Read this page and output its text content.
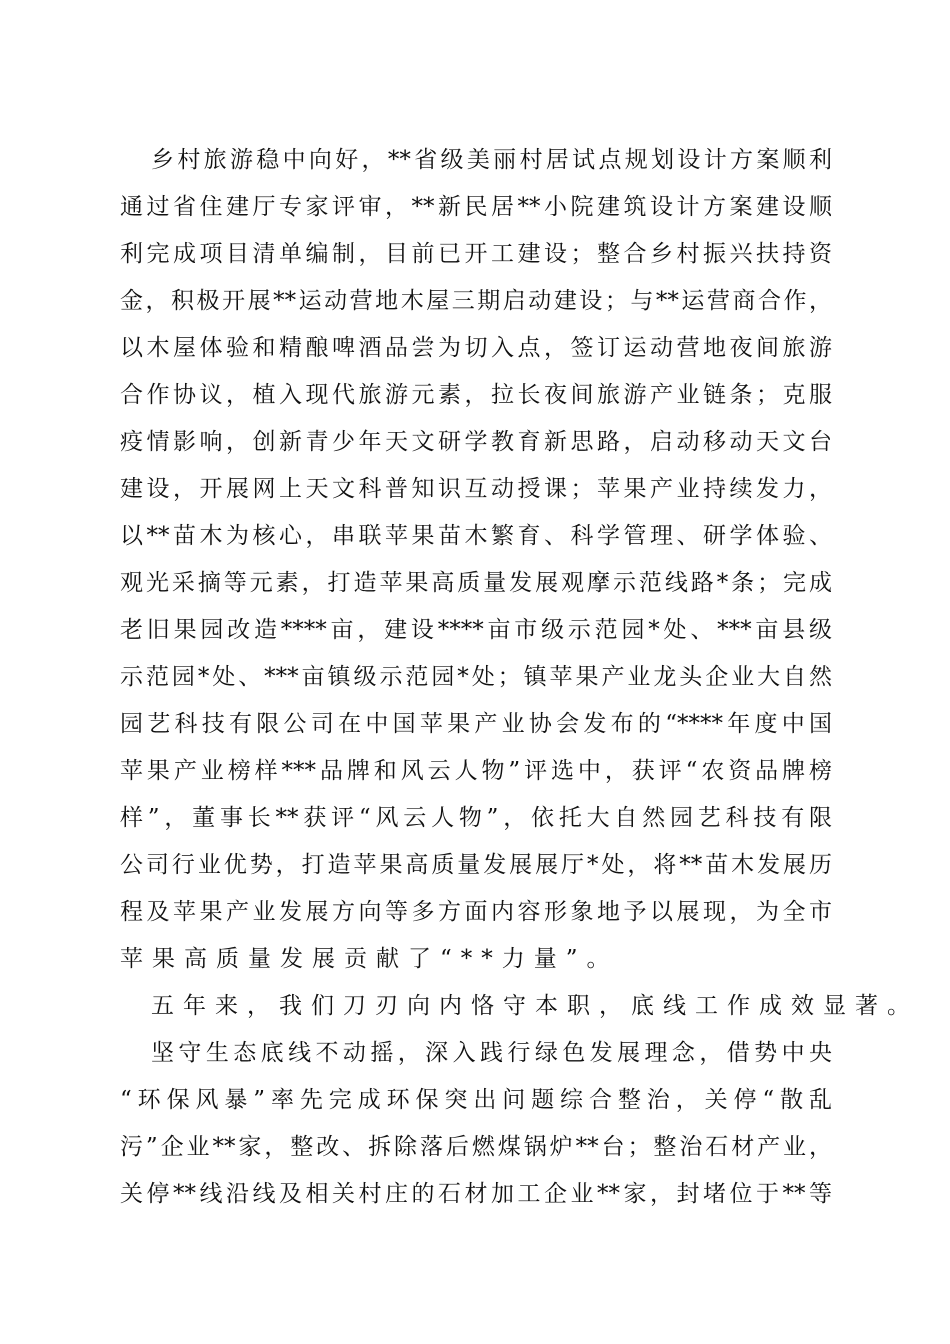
乡村旅游稳中向好，**省级美丽村居试点规划设计方案顺利
通过省住建厅专家评审，**新民居**小院建筑设计方案建设顺
利完成项目清单编制，目前已开工建设；整合乡村振兴扶持资
金，积极开展**运动营地木屋三期启动建设；与**运营商合作，
以木屋体验和精酿啤酒品尝为切入点，签订运动营地夜间旅游
合作协议，植入现代旅游元素，拉长夜间旅游产业链条；克服
疫情影响，创新青少年天文研学教育新思路，启动移动天文台
建设，开展网上天文科普知识互动授课；苹果产业持续发力，
以**苗木为核心，串联苹果苗木繁育、科学管理、研学体验、
观光采摘等元素，打造苹果高质量发展观摩示范线路*条；完成
老旧果园改造****亩，建设****亩市级示范园*处、***亩县级
示范园*处、***亩镇级示范园*处；镇苹果产业龙头企业大自然
园艺科技有限公司在中国苹果产业协会发布的“****年度中国
苹果产业榜样***品牌和风云人物”评选中，获评“农资品牌榜
样”，董事长**获评“风云人物”，依托大自然园艺科技有限
公司行业优势，打造苹果高质量发展展厅*处，将**苗木发展历
程及苹果产业发展方向等多方面内容形象地予以展现，为全市
苹果高质量发展贡献了“**力量”。
五年来，我们刀刃向内恪守本职，底线工作成效显著。
坚守生态底线不动摇，深入践行绿色发展理念，借势中央
“环保风暴”率先完成环保突出问题综合整治，关停“散乱
污”企业**家，整改、拆除落后燃煤锅炉**台；整治石材产业，
关停**线沿线及相关村庄的石材加工企业**家，封堵位于**等
